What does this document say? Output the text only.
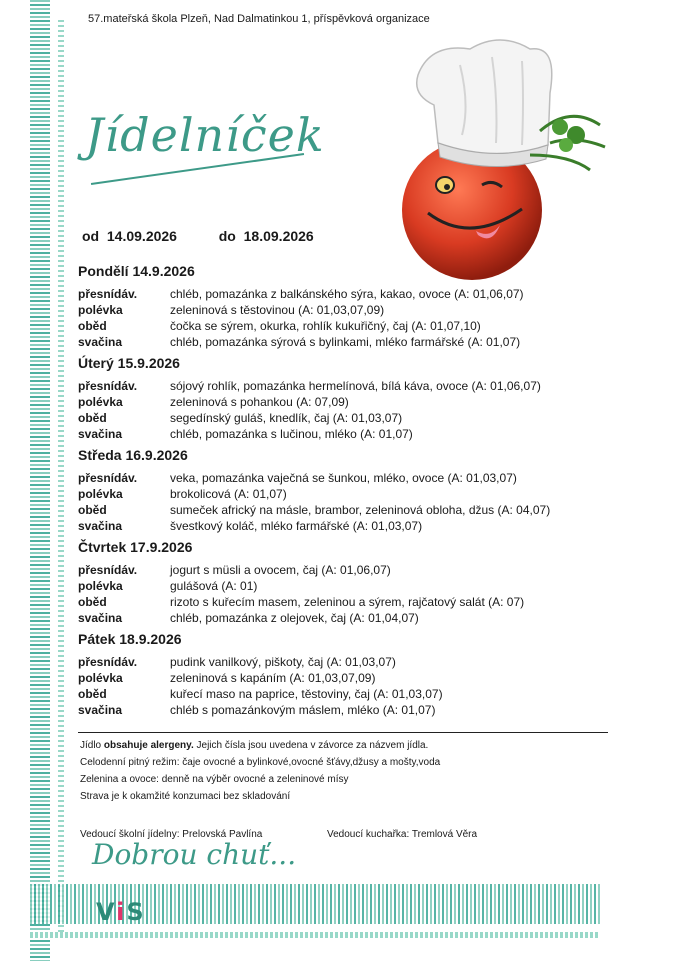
57.mateřská škola Plzeň, Nad Dalmatinkou 1, příspěvková organizace
Jídelníček
od 14.09.2026	do 18.09.2026
Pondělí 14.9.2026
přesnídáv.	chléb, pomazánka z balkánského sýra, kakao, ovoce (A: 01,06,07)
polévka	zeleninová s těstovinou (A: 01,03,07,09)
oběd	čočka se sýrem, okurka, rohlík kukuřičný, čaj (A: 01,07,10)
svačina	chléb, pomazánka sýrová s bylinkami, mléko farmářské (A: 01,07)
Úterý 15.9.2026
přesnídáv.	sójový rohlík, pomazánka hermelínová, bílá káva, ovoce (A: 01,06,07)
polévka	zeleninová s pohankou (A: 07,09)
oběd	segedínský guláš, knedlík, čaj (A: 01,03,07)
svačina	chléb, pomazánka s lučinou, mléko (A: 01,07)
Středa 16.9.2026
přesnídáv.	veka, pomazánka vaječná se šunkou, mléko, ovoce (A: 01,03,07)
polévka	brokolicová (A: 01,07)
oběd	sumeček africký na másle, brambor, zeleninová obloha, džus (A: 04,07)
svačina	švestkový koláč, mléko farmářské (A: 01,03,07)
Čtvrtek 17.9.2026
přesnídáv.	jogurt s müsli a ovocem, čaj (A: 01,06,07)
polévka	gulášová (A: 01)
oběd	rizoto s kuřecím masem, zeleninou a sýrem, rajčatový salát (A: 07)
svačina	chléb, pomazánka z olejovek, čaj (A: 01,04,07)
Pátek 18.9.2026
přesnídáv.	pudink vanilkový, piškoty, čaj (A: 01,03,07)
polévka	zeleninová s kapáním (A: 01,03,07,09)
oběd	kuřecí maso na paprice, těstoviny, čaj (A: 01,03,07)
svačina	chléb s pomazánkovým máslem, mléko (A: 01,07)
Jídlo obsahuje alergeny. Jejich čísla jsou uvedena v závorce za názvem jídla.
Celodenní pitný režim: čaje ovocné a bylinkové,ovocné šťávy,džusy a mošty,voda
Zelenina a ovoce: denně na výběr ovocné a zeleninové mísy
Strava je k okamžité konzumaci bez skladování
Vedoucí školní jídelny: Prelovská Pavlína	Vedoucí kuchařka: Tremlová Věra
Dobrou chuť...
ViS
